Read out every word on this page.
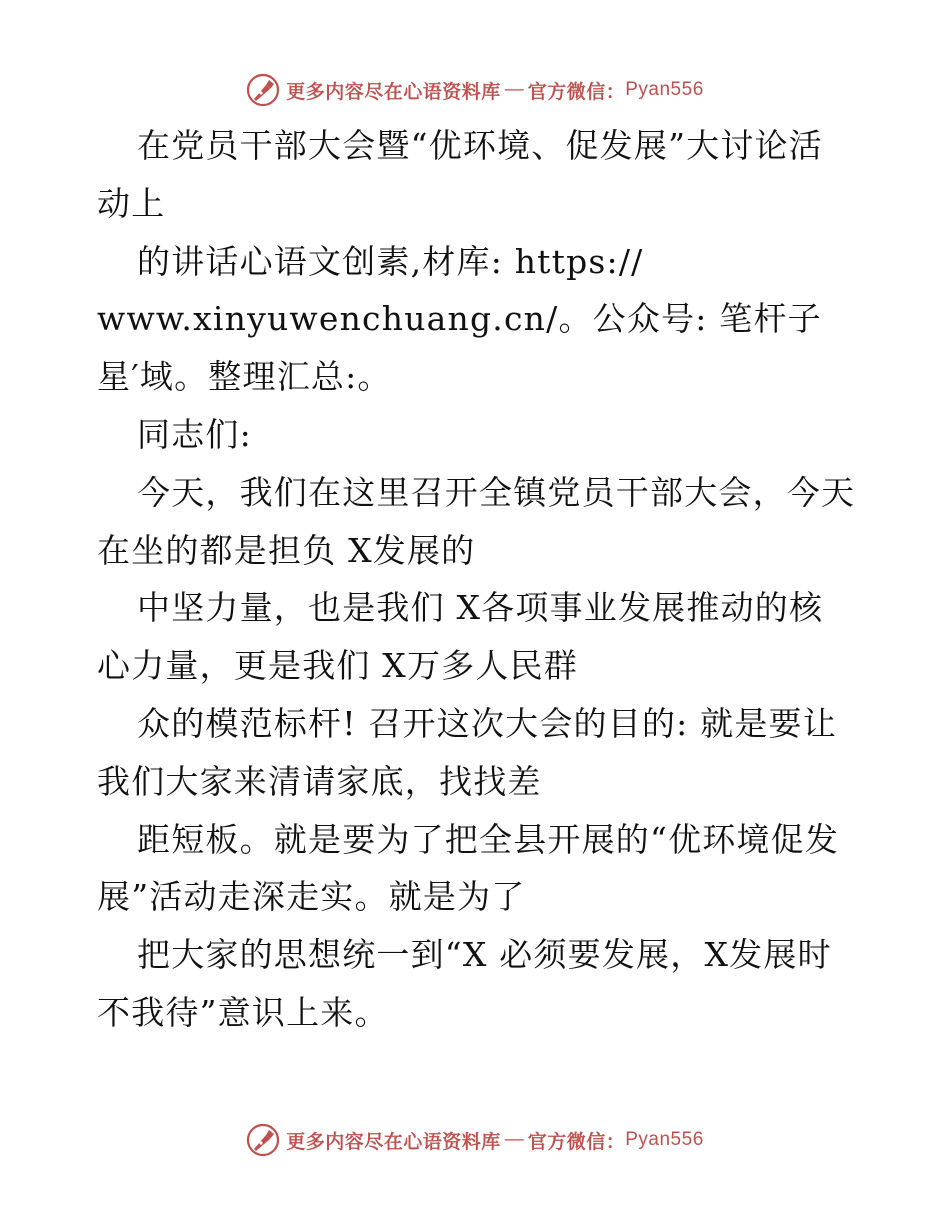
更多内容尽在心语资料库 — 官方微信： Pyan556
在党员干部大会暨“优环境、促发展”大讨论活
动上
的讲话心语文创素,材库: https://
www.xinyuwenchuang.cn/。公众号: 笔杆子
星′域。整理汇总:。
同志们:
今天，我们在这里召开全镇党员干部大会，今天
在坐的都是担负 X发展的
中坚力量，也是我们 X各项事业发展推动的核
心力量，更是我们 X万多人民群
众的模范标杆! 召开这次大会的目的: 就是要让
我们大家来清请家底，找找差
距短板。就是要为了把全县开展的“优环境促发
展”活动走深走实。就是为了
把大家的思想统一到“X 必须要发展，X发展时
不我待”意识上来。
更多内容尽在心语资料库 — 官方微信： Pyan556
